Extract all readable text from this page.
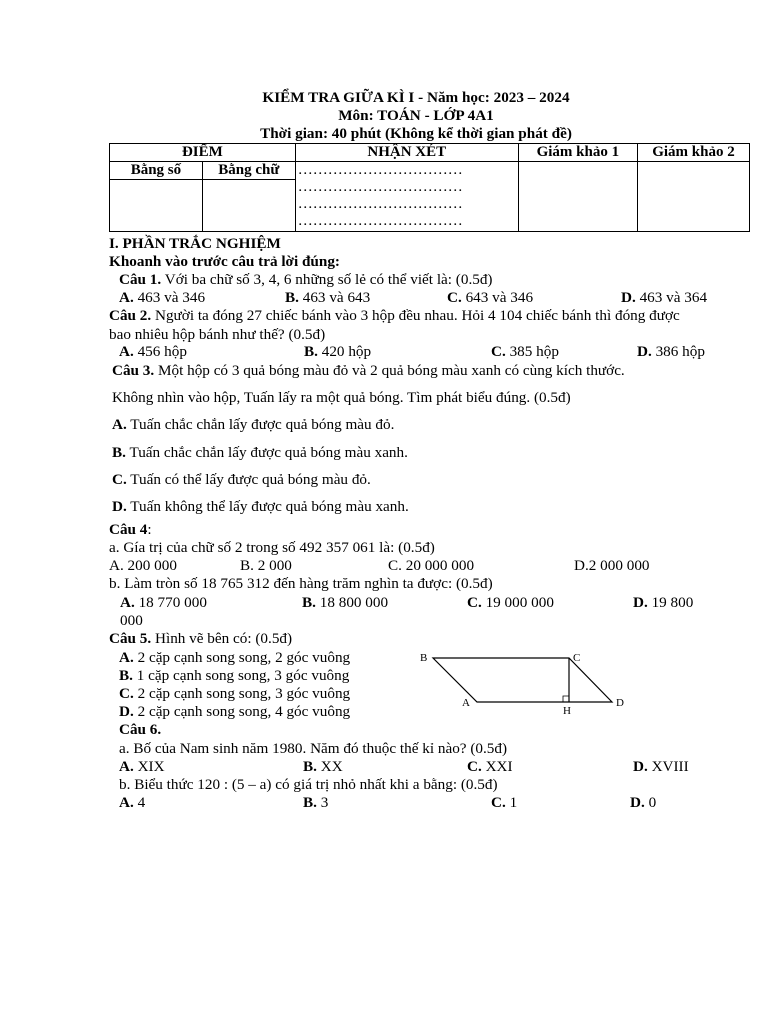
KIỂM TRA GIỮA KÌ I - Năm học: 2023 – 2024
Môn: TOÁN - LỚP 4A1
Thời gian: 40 phút (Không kể thời gian phát đề)
ĐIỂM		NHẬN XÉT	Giám khảo 1	Giám khảo 2
Bằng số	Bằng chữ	……………………………
……………………………
……………………………
……………………………		

I. PHẦN TRẮC NGHIỆM
Khoanh vào trước câu trả lời đúng:
Câu 1. Với ba chữ số 3, 4, 6 những số lẻ có thể viết là: (0.5đ)
A. 463 và 346	B. 463 và 643	C. 643 và 346	D. 463 và 364
Câu 2. Người ta đóng 27 chiếc bánh vào 3 hộp đều nhau. Hỏi 4 104 chiếc bánh thì đóng được
bao nhiêu hộp bánh như thế? (0.5đ)
A. 456 hộp	B. 420 hộp	C. 385 hộp	D. 386 hộp
Câu 3. Một hộp có 3 quả bóng màu đỏ và 2 quả bóng màu xanh có cùng kích thước.
Không nhìn vào hộp, Tuấn lấy ra một quả bóng. Tìm phát biểu đúng. (0.5đ)
A. Tuấn chắc chắn lấy được quả bóng màu đỏ.
B. Tuấn chắc chắn lấy được quả bóng màu xanh.
C. Tuấn có thể lấy được quả bóng màu đỏ.
D. Tuấn không thể lấy được quả bóng màu xanh.
Câu 4:
a. Gía trị của chữ số 2 trong số 492 357 061 là: (0.5đ)
A. 200 000	B. 2 000	C. 20 000 000	D.2 000 000
b. Làm tròn số 18 765 312 đến hàng trăm nghìn ta được: (0.5đ)
A. 18 770 000	B. 18 800 000	C. 19 000 000	D. 19 800
000
Câu 5. Hình vẽ bên có: (0.5đ)
A. 2 cặp cạnh song song, 2 góc vuông
B. 1 cặp cạnh song song, 3 góc vuông
C. 2 cặp cạnh song song, 3 góc vuông
D. 2 cặp cạnh song song, 4 góc vuông
B	C
A
H
D
Câu 6.
a. Bố của Nam sinh năm 1980. Năm đó thuộc thế kỉ nào? (0.5đ)
A. XIX	B. XX	C. XXI	D. XVIII
b. Biểu thức 120 : (5 – a) có giá trị nhỏ nhất khi a bằng: (0.5đ)
A. 4	B. 3	C. 1	D. 0
